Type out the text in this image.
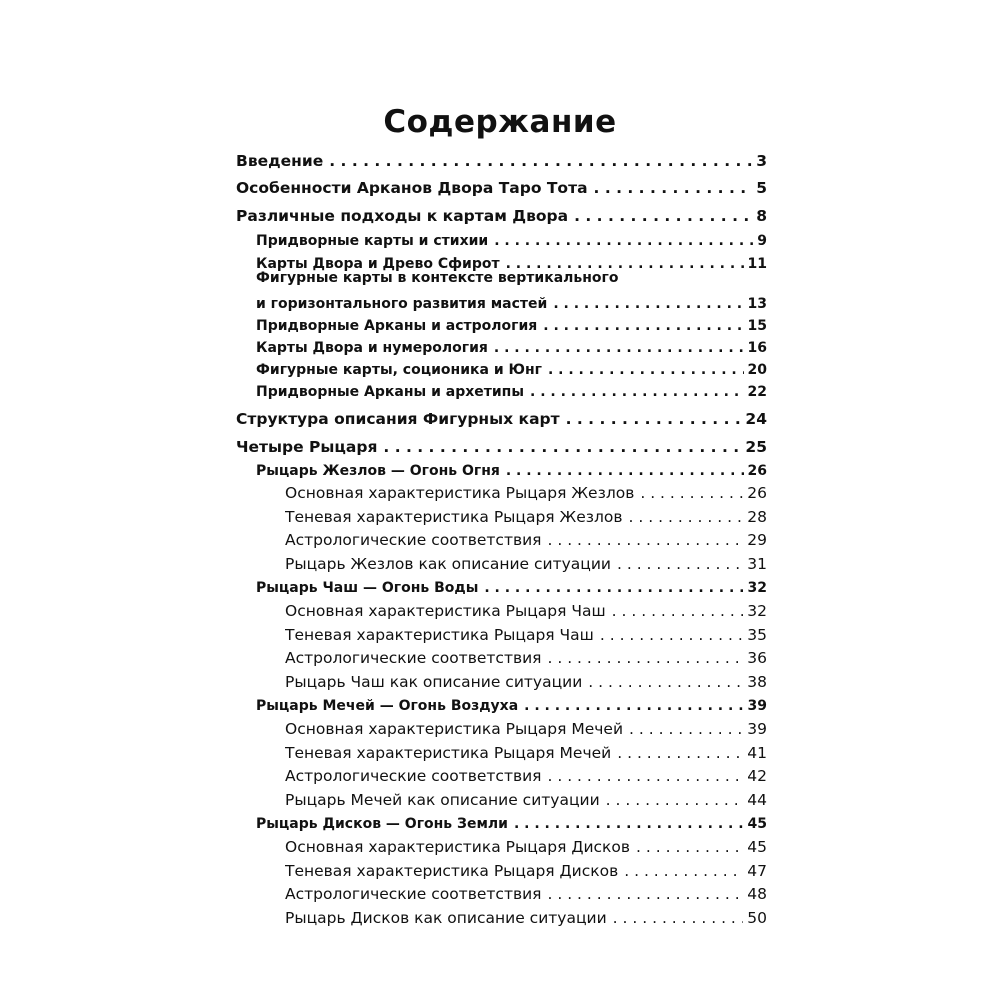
Содержание
Введение . . .	3
Особенности Арканов Двора Таро Тота . . .	5
Различные подходы к картам Двора . . .	8
Придворные карты и стихии . . .	9
Карты Двора и Древо Сфирот . . .	11
Фигурные карты в контексте вертикального
и горизонтального развития мастей . . .	13
Придворные Арканы и астрология . . .	15
Карты Двора и нумерология . . .	16
Фигурные карты, соционика и Юнг . . .	20
Придворные Арканы и архетипы . . .	22
Структура описания Фигурных карт . . .	24
Четыре Рыцаря . . .	25
Рыцарь Жезлов — Огонь Огня . . .	26
Основная характеристика Рыцаря Жезлов . . .	26
Теневая характеристика Рыцаря Жезлов . . .	28
Астрологические соответствия . . .	29
Рыцарь Жезлов как описание ситуации . . .	31
Рыцарь Чаш — Огонь Воды . . .	32
Основная характеристика Рыцаря Чаш . . .	32
Теневая характеристика Рыцаря Чаш . . .	35
Астрологические соответствия . . .	36
Рыцарь Чаш как описание ситуации . . .	38
Рыцарь Мечей — Огонь Воздуха . . .	39
Основная характеристика Рыцаря Мечей . . .	39
Теневая характеристика Рыцаря Мечей . . .	41
Астрологические соответствия . . .	42
Рыцарь Мечей как описание ситуации . . .	44
Рыцарь Дисков — Огонь Земли . . .	45
Основная характеристика Рыцаря Дисков . . .	45
Теневая характеристика Рыцаря Дисков . . .	47
Астрологические соответствия . . .	48
Рыцарь Дисков как описание ситуации . . .	50
